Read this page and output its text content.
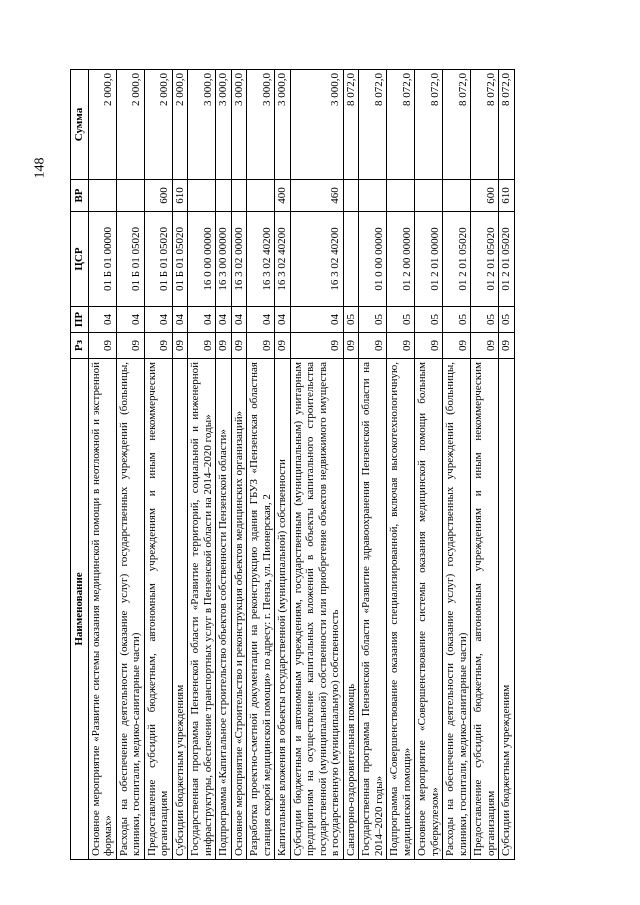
148
Наименование	Рз	ПР	ЦСР	ВР	Сумма
Основное мероприятие «Развитие системы оказания медицинской помощи в неотложной и экстренной формах»	09	04	01 Б 01 00000		2 000,0
Расходы на обеспечение деятельности (оказание услуг) государственных учреждений (больницы, клиники, госпитали, медико-санитарные части)	09	04	01 Б 01 05020		2 000,0
Предоставление субсидий бюджетным, автономным учреждениям и иным некоммерческим организациям	09	04	01 Б 01 05020	600	2 000,0
Субсидии бюджетным учреждениям	09	04	01 Б 01 05020	610	2 000,0
Государственная программа Пензенской области «Развитие территорий, социальной и инженерной инфраструктуры, обеспечение транспортных услуг в Пензенской области на 2014–2020 годы»	09	04	16 0 00 00000		3 000,0
Подпрограмма «Капитальное строительство объектов собственности Пензенской области»	09	04	16 3 00 00000		3 000,0
Основное мероприятие «Строительство и реконструкция объектов медицинских организаций»	09	04	16 3 02 00000		3 000,0
Разработка проектно-сметной документации на реконструкцию здания ГБУЗ «Пензенская областная станция скорой медицинской помощи» по адресу: г. Пенза, ул. Пионерская, 2	09	04	16 3 02 40200		3 000,0
Капитальные вложения в объекты государственной (муниципальной) собственности	09	04	16 3 02 40200	400	3 000,0
Субсидии бюджетным и автономным учреждениям, государственным (муниципальным) унитарным предприятиям на осуществление капитальных вложений в объекты капитального строительства государственной (муниципальной) собственности или приобретение объектов недвижимого имущества в государственную (муниципальную) собственность	09	04	16 3 02 40200	460	3 000,0
Санаторно-оздоровительная помощь	09	05			8 072,0
Государственная программа Пензенской области «Развитие здравоохранения Пензенской области на 2014–2020 годы»	09	05	01 0 00 00000		8 072,0
Подпрограмма «Совершенствование оказания специализированной, включая высокотехнологичную, медицинской помощи»	09	05	01 2 00 00000		8 072,0
Основное мероприятие «Совершенствование системы оказания медицинской помощи больным туберкулезом»	09	05	01 2 01 00000		8 072,0
Расходы на обеспечение деятельности (оказание услуг) государственных учреждений (больницы, клиники, госпитали, медико-санитарные части)	09	05	01 2 01 05020		8 072,0
Предоставление субсидий бюджетным, автономным учреждениям и иным некоммерческим организациям	09	05	01 2 01 05020	600	8 072,0
Субсидии бюджетным учреждениям	09	05	01 2 01 05020	610	8 072,0
